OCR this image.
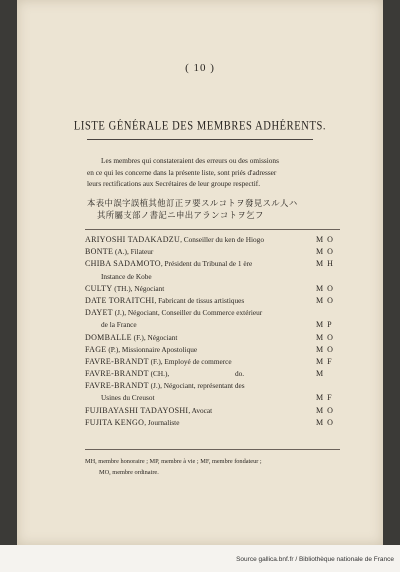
( 10 )
LISTE GÉNÉRALE DES MEMBRES ADHÉRENTS.
Les membres qui constateraient des erreurs ou des omissions
en ce qui les concerne dans la présente liste, sont priés d'adresser
leurs rectifications aux Secrétaires de leur groupe respectif.
本表中誤字誤植其他訂正ヲ要スルコトヲ發見スル人ハ
其所屬支部ノ書記ニ申出アランコトヲ乞フ
ARIYOSHI TADAKADZU, Conseiller du ken de Hiogo	M O
BONTE (A.), Filateur	M O
CHIBA SADAMOTO, Président du Tribunal de 1 ère	M H
Instance de Kobe
CULTY (TH.), Négociant	M O
DATE TORAITCHI, Fabricant de tissus artistiques	M O
DAYET (J.), Négociant, Conseiller du Commerce extérieur
de la France	M P
DOMBALLE (F.), Négociant	M O
FAGE (P.), Missionnaire Apostolique	M O
FAVRE-BRANDT (F.), Employé de commerce	M F
FAVRE-BRANDT (CH.),	do.	M
FAVRE-BRANDT (J.), Négociant, représentant des
Usines du Creusot	M F
FUJIBAYASHI TADAYOSHI, Avocat	M O
FUJITA KENGO, Journaliste	M O
MH, membre honoraire ; MP, membre à vie ; MF, membre fondateur ;
MO, membre ordinaire.
Source gallica.bnf.fr / Bibliothèque nationale de France
